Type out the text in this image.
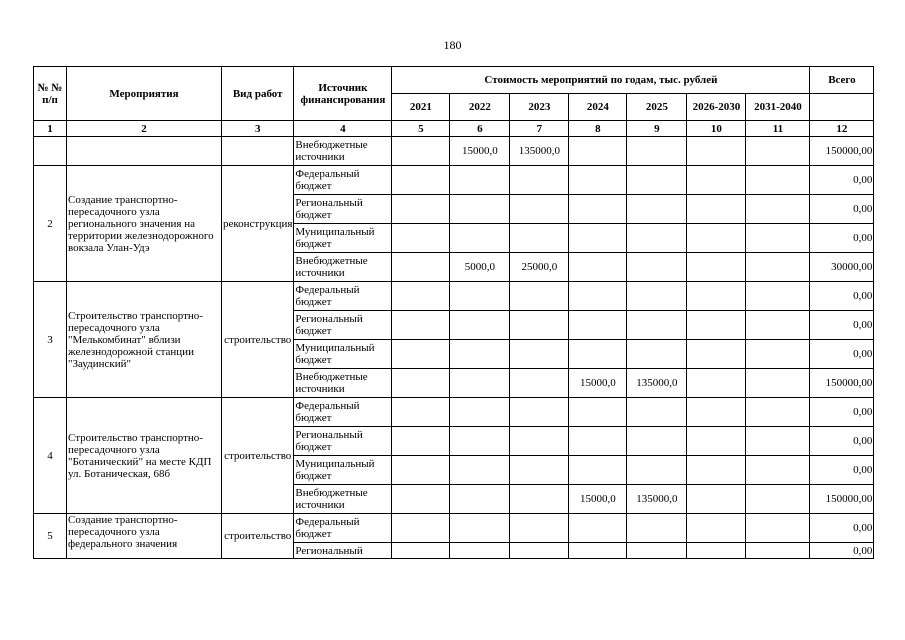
180
№ № п/п	Мероприятия	Вид работ	Источник финансирования	Стоимость мероприятий по годам, тыс. рублей							Всего
				2021	2022	2023	2024	2025	2026-2030	2031-2040	
1	2	3	4	5	6	7	8	9	10	11	12
			Внебюджетные источники		15000,0	135000,0					150000,00
2	Создание транспортно-пересадочного узла регионального значения на территории железнодорожного вокзала Улан-Удэ	реконструкция	Федеральный бюджет								0,00
			Региональный бюджет								0,00
			Муниципальный бюджет								0,00
			Внебюджетные источники		5000,0	25000,0					30000,00
3	Строительство транспортно-пересадочного узла "Мелькомбинат" вблизи железнодорожной станции "Заудинский"	строительство	Федеральный бюджет								0,00
			Региональный бюджет								0,00
			Муниципальный бюджет								0,00
			Внебюджетные источники				15000,0	135000,0			150000,00
4	Строительство транспортно-пересадочного узла "Ботанический" на месте КДП ул. Ботаническая, 68б	строительство	Федеральный бюджет								0,00
			Региональный бюджет								0,00
			Муниципальный бюджет								0,00
			Внебюджетные источники				15000,0	135000,0			150000,00
5	Создание транспортно-пересадочного узла федерального значения	строительство	Федеральный бюджет								0,00
			Региональный								0,00
